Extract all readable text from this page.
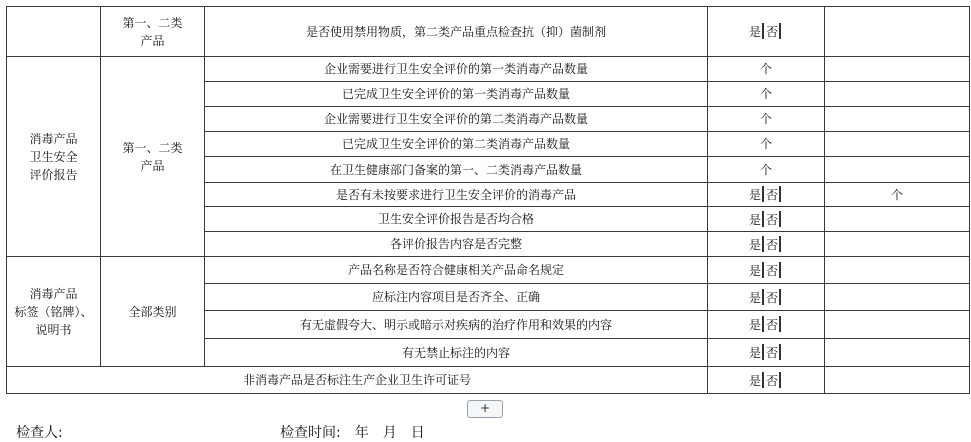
	第一、二类
产品	是否使用禁用物质，第二类产品重点检查抗（抑）菌制剂	是 否	
消毒产品
卫生安全
评价报告	第一、二类
产品	企业需要进行卫生安全评价的第一类消毒产品数量	个	
		已完成卫生安全评价的第一类消毒产品数量	个	
		企业需要进行卫生安全评价的第二类消毒产品数量	个	
		已完成卫生安全评价的第二类消毒产品数量	个	
		在卫生健康部门备案的第一、二类消毒产品数量	个	
		是否有未按要求进行卫生安全评价的消毒产品	是 否	个
		卫生安全评价报告是否均合格	是 否	
		各评价报告内容是否完整	是 否	
消毒产品
标签（铭牌）、
说明书	全部类别	产品名称是否符合健康相关产品命名规定	是 否	
		应标注内容项目是否齐全、正确	是 否	
		有无虚假夸大、明示或暗示对疾病的治疗作用和效果的内容	是 否	
		有无禁止标注的内容	是 否	
非消毒产品是否标注生产企业卫生许可证号			是 否	
+
检查人:	检查时间: 年 月 日
